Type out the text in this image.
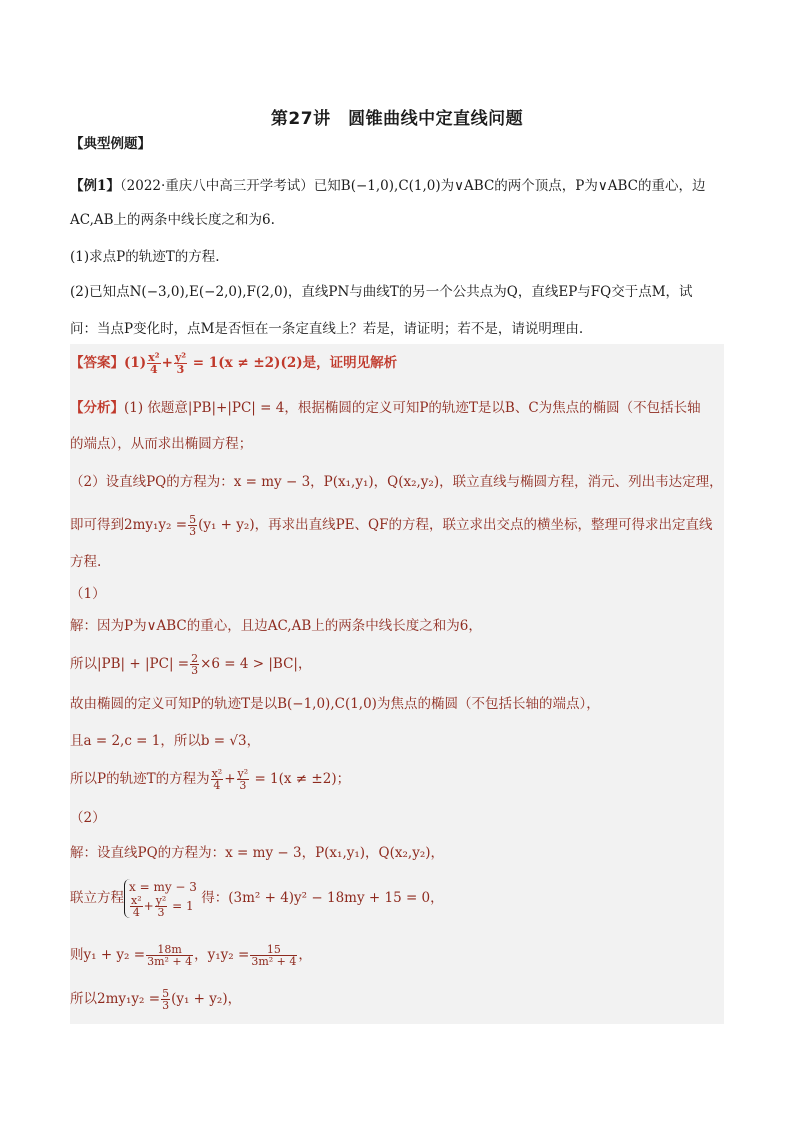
第27讲　圆锥曲线中定直线问题
【典型例题】
【例1】（2022·重庆八中高三开学考试）已知B(−1,0),C(1,0)为∨ABC的两个顶点，P为∨ABC的重心，边
AC,AB上的两条中线长度之和为6.
(1)求点P的轨迹T的方程.
(2)已知点N(−3,0),E(−2,0),F(2,0)，直线PN与曲线T的另一个公共点为Q，直线EP与FQ交于点M，试
问：当点P变化时，点M是否恒在一条定直线上？若是，请证明；若不是，请说明理由.
【答案】$(1) \frac{\text{x²}}{4} + \frac{\text{y²}}{3} = 1(x \ne \pm 2)(2)$是，证明见解析
【分析】(1) 依题意|PB|+|PC| = 4，根据椭圆的定义可知P的轨迹T是以B、C为焦点的椭圆（不包括长轴
的端点），从而求出椭圆方程；
（2）设直线PQ的方程为：x = my − 3，P(x₁,y₁)，Q(x₂,y₂)，联立直线与椭圆方程，消元、列出韦达定理，
即可得到$2my_1y_2 = \frac{5}{3} (y_1 + y_2)$，再求出直线PE、QF的方程，联立求出交点的横坐标，整理可得求出定直线
方程.
（1）
解：因为P为∨ABC的重心，且边AC,AB上的两条中线长度之和为6，
所以$|PB| + |PC| = \frac{2}{3} \times 6 = 4 > |BC|$，
故由椭圆的定义可知P的轨迹T是以B(−1,0),C(1,0)为焦点的椭圆（不包括长轴的端点），
且a = 2,c = 1，所以b = √3，
所以P的轨迹T的方程为 $\frac{\text{x²}}{4} + \frac{\text{y²}}{3} = 1(x \ne \pm 2)$；
（2）
解：设直线PQ的方程为：x = my − 3，P(x₁,y₁)，Q(x₂,y₂)，
联立方程
x = my − 3
$\frac{\text{x²}}{4} + \frac{\text{y²}}{3} = 1$ 得：(3m² + 4)y² − 18my + 15 = 0，
则$y_1 + y_2 = \frac{18m}{\text{3m² + 4}}$ ，$y_1y_2 = \frac{15}{\text{3m² + 4}}$ ，
所以$2my_1y_2 = \frac{5}{3} (y_1 + y_2)$，
